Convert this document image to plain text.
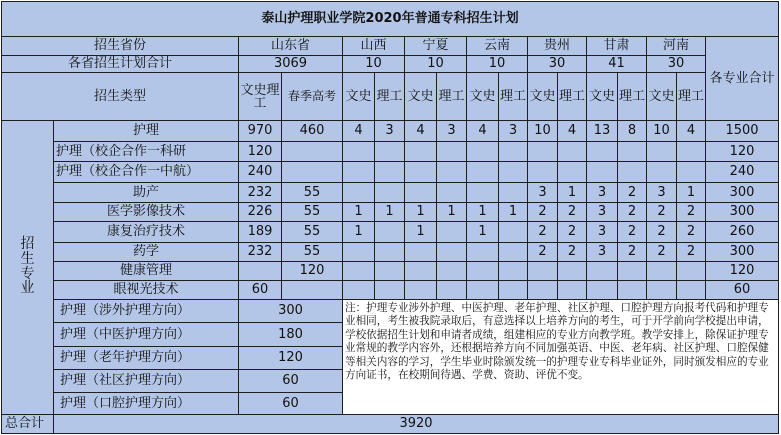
泰山护理职业学院2020年普通专科招生计划																
招生省份		山东省		山西		宁夏		云南		贵州		甘肃		河南		各专业合计
各省招生计划合计		3069		10		10		10		30		41		30		
招生类型		文史理工	春季高考	文史	理工	文史	理工	文史	理工	文史	理工	文史	理工	文史	理工	
招生专业	护理	970	460	4	3	4	3	4	3	10	4	13	8	10	4	1500
	护理（校企合作一科研	120														120
	护理（校企合作一中航）	240														240
	助产	232	55							3	1	3	2	3	1	300
	医学影像技术	226	55	1	1	1	1	1	1	2	2	3	2	2	2	300
	康复治疗技术	189	55	1		1		1		2	2	3	2	2	2	260
	药学	232	55							2	2	3	2	2	2	300
	健康管理		120													120
	眼视光技术	60														60
	护理（涉外护理方向）	300		注：护理专业涉外护理、中医护理、老年护理、社区护理、口腔护理方向报考代码和护理专业相同，考生被我院录取后，有意选择以上培养方向的考生，可于开学前向学校提出申请，学校依据招生计划和申请者成绩，组建相应的专业方向教学班。教学安排上，除保证护理专业常规的教学内容外，还根据培养方向不同加强英语、中医、老年病、社区护理、口腔保健等相关内容的学习，学生毕业时除颁发统一的护理专业专科毕业证外，同时颁发相应的专业方向证书，在校期间待遇、学费、资助、评优不变。												
	护理（中医护理方向）	180														
	护理（老年护理方向）	120														
	护理（社区护理方向）	60														
	护理（口腔护理方向）	60														
总合计	3920															
